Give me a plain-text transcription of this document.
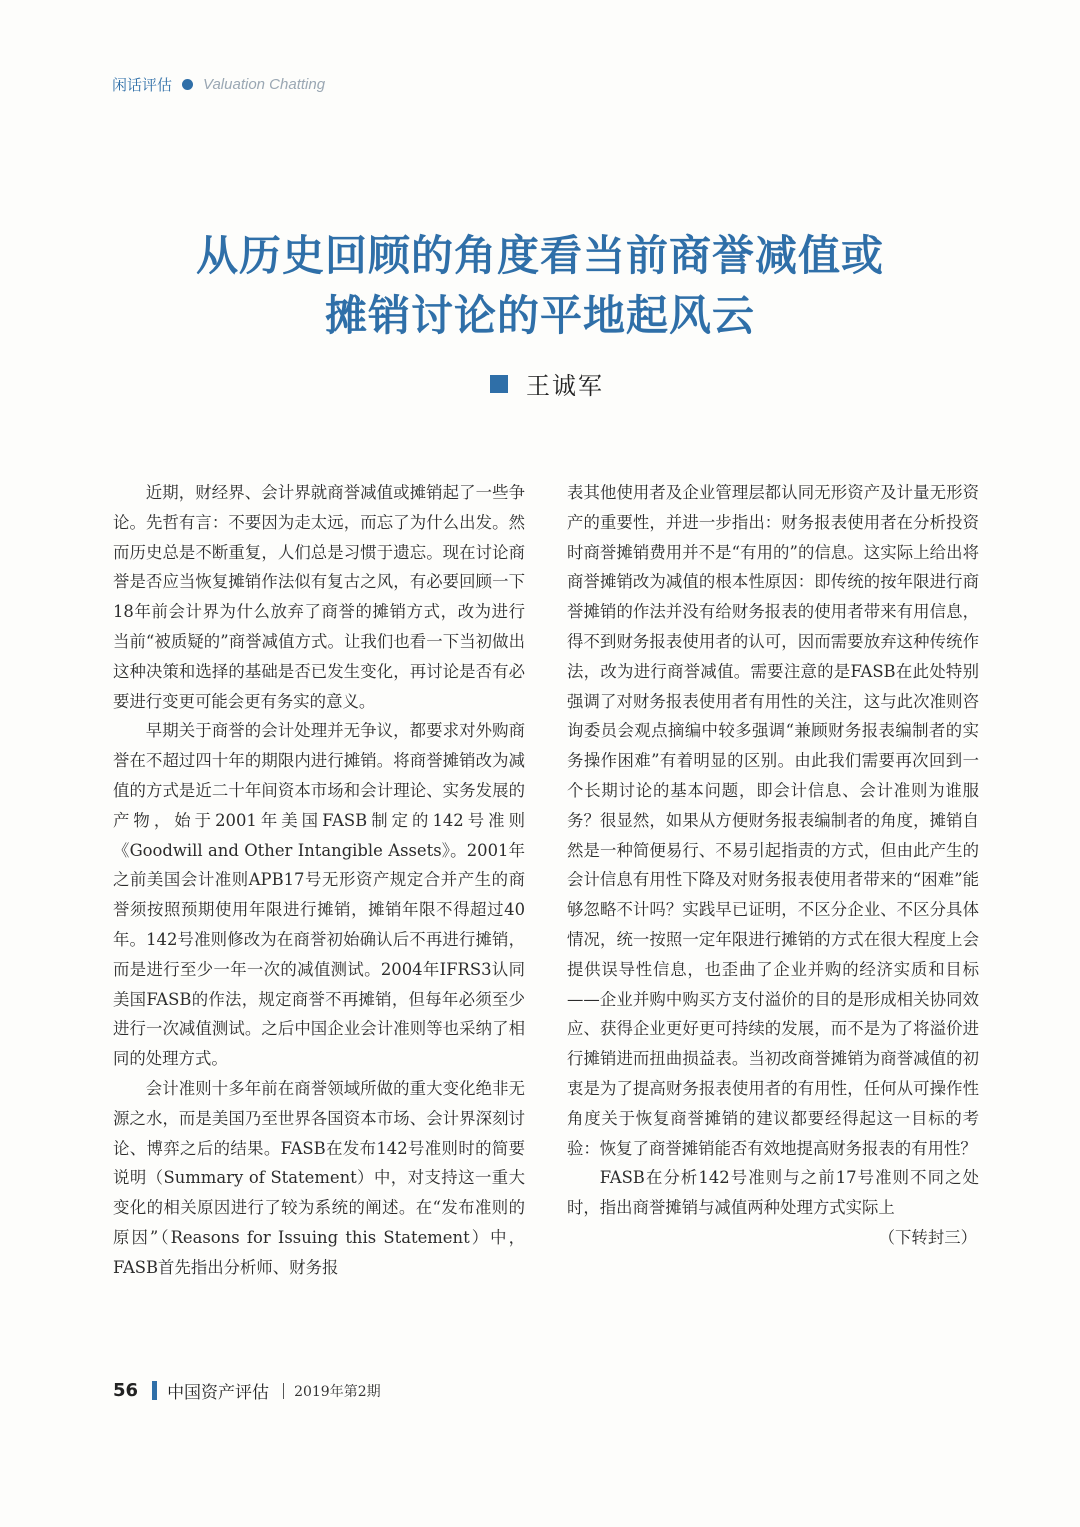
闲话评估 Valuation Chatting
从历史回顾的角度看当前商誉减值或
摊销讨论的平地起风云
王诚军

近期，财经界、会计界就商誉减值或摊销起了一些争论。先哲有言：不要因为走太远，而忘了为什么出发。然而历史总是不断重复，人们总是习惯于遗忘。现在讨论商誉是否应当恢复摊销作法似有复古之风，有必要回顾一下18年前会计界为什么放弃了商誉的摊销方式，改为进行当前“被质疑的”商誉减值方式。让我们也看一下当初做出这种决策和选择的基础是否已发生变化，再讨论是否有必要进行变更可能会更有务实的意义。

早期关于商誉的会计处理并无争议，都要求对外购商誉在不超过四十年的期限内进行摊销。将商誉摊销改为减值的方式是近二十年间资本市场和会计理论、实务发展的产物，始于2001年美国FASB制定的142号准则《Goodwill and Other Intangible Assets》。2001年之前美国会计准则APB17号无形资产规定合并产生的商誉须按照预期使用年限进行摊销，摊销年限不得超过40年。142号准则修改为在商誉初始确认后不再进行摊销，而是进行至少一年一次的减值测试。2004年IFRS3认同美国FASB的作法，规定商誉不再摊销，但每年必须至少进行一次减值测试。之后中国企业会计准则等也采纳了相同的处理方式。

会计准则十多年前在商誉领域所做的重大变化绝非无源之水，而是美国乃至世界各国资本市场、会计界深刻讨论、博弈之后的结果。FASB在发布142号准则时的简要说明（Summary of Statement）中，对支持这一重大变化的相关原因进行了较为系统的阐述。在“发布准则的原因”（Reasons for Issuing this Statement）中，FASB首先指出分析师、财务报

表其他使用者及企业管理层都认同无形资产及计量无形资产的重要性，并进一步指出：财务报表使用者在分析投资时商誉摊销费用并不是“有用的”的信息。这实际上给出将商誉摊销改为减值的根本性原因：即传统的按年限进行商誉摊销的作法并没有给财务报表的使用者带来有用信息，得不到财务报表使用者的认可，因而需要放弃这种传统作法，改为进行商誉减值。需要注意的是FASB在此处特别强调了对财务报表使用者有用性的关注，这与此次准则咨询委员会观点摘编中较多强调“兼顾财务报表编制者的实务操作困难”有着明显的区别。由此我们需要再次回到一个长期讨论的基本问题，即会计信息、会计准则为谁服务？很显然，如果从方便财务报表编制者的角度，摊销自然是一种简便易行、不易引起指责的方式，但由此产生的会计信息有用性下降及对财务报表使用者带来的“困难”能够忽略不计吗？实践早已证明，不区分企业、不区分具体情况，统一按照一定年限进行摊销的方式在很大程度上会提供误导性信息，也歪曲了企业并购的经济实质和目标——企业并购中购买方支付溢价的目的是形成相关协同效应、获得企业更好更可持续的发展，而不是为了将溢价进行摊销进而扭曲损益表。当初改商誉摊销为商誉减值的初衷是为了提高财务报表使用者的有用性，任何从可操作性角度关于恢复商誉摊销的建议都要经得起这一目标的考验：恢复了商誉摊销能否有效地提高财务报表的有用性？

FASB在分析142号准则与之前17号准则不同之处时，指出商誉摊销与减值两种处理方式实际上

（下转封三）
56 中国资产评估 2019年第2期
